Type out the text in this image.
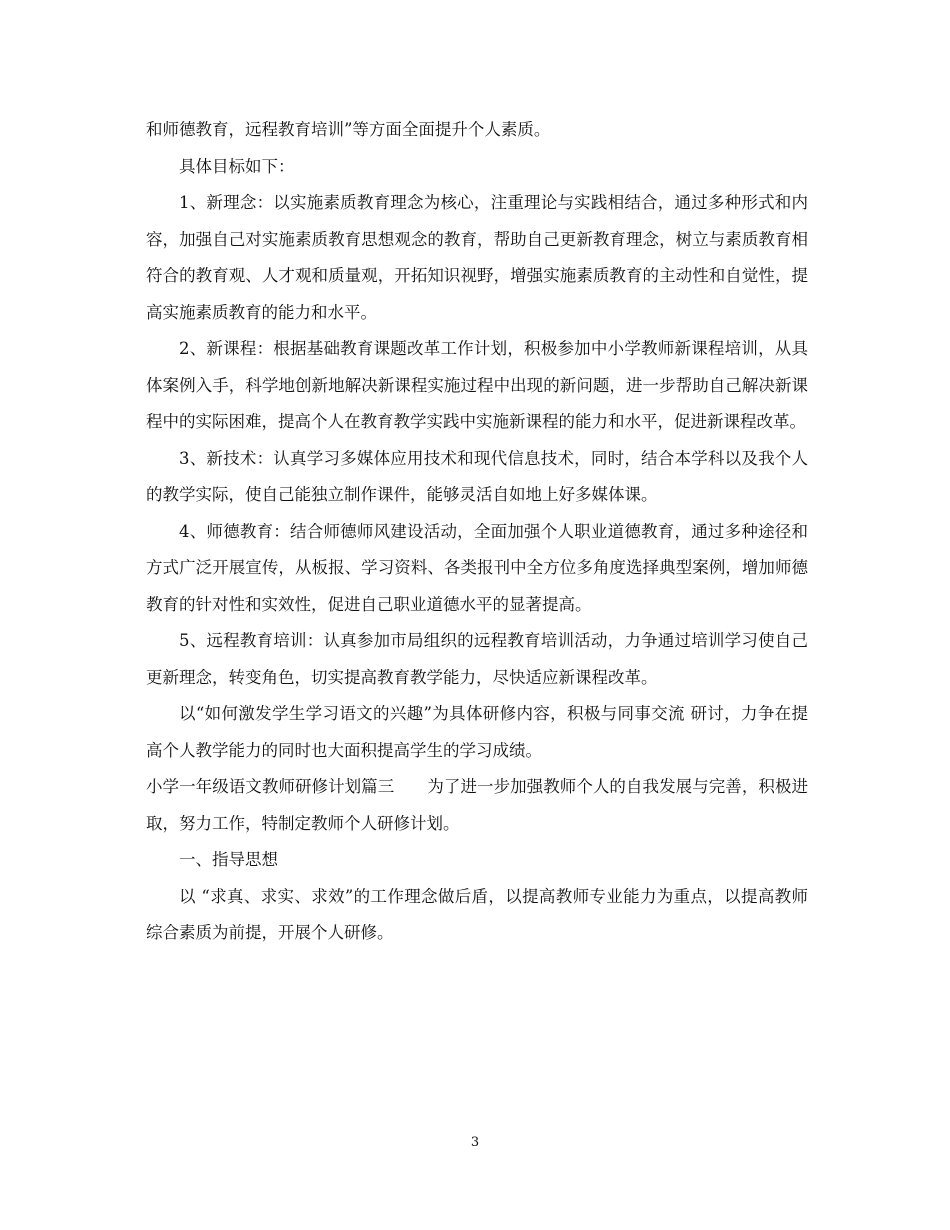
和师德教育，远程教育培训”等方面全面提升个人素质。

具体目标如下：

1、新理念：以实施素质教育理念为核心，注重理论与实践相结合，通过多种形式和内容，加强自己对实施素质教育思想观念的教育，帮助自己更新教育理念，树立与素质教育相符合的教育观、人才观和质量观，开拓知识视野，增强实施素质教育的主动性和自觉性，提高实施素质教育的能力和水平。

2、新课程：根据基础教育课题改革工作计划，积极参加中小学教师新课程培训，从具体案例入手，科学地创新地解决新课程实施过程中出现的新问题，进一步帮助自己解决新课程中的实际困难，提高个人在教育教学实践中实施新课程的能力和水平，促进新课程改革。

3、新技术：认真学习多媒体应用技术和现代信息技术，同时，结合本学科以及我个人的教学实际，使自己能独立制作课件，能够灵活自如地上好多媒体课。

4、师德教育：结合师德师风建设活动，全面加强个人职业道德教育，通过多种途径和方式广泛开展宣传，从板报、学习资料、各类报刊中全方位多角度选择典型案例，增加师德教育的针对性和实效性，促进自己职业道德水平的显著提高。

5、远程教育培训：认真参加市局组织的远程教育培训活动，力争通过培训学习使自己更新理念，转变角色，切实提高教育教学能力，尽快适应新课程改革。

以“如何激发学生学习语文的兴趣”为具体研修内容，积极与同事交流 研讨，力争在提高个人教学能力的同时也大面积提高学生的学习成绩。

小学一年级语文教师研修计划篇三　　为了进一步加强教师个人的自我发展与完善，积极进取，努力工作，特制定教师个人研修计划。

一、指导思想

以 “求真、求实、求效”的工作理念做后盾，以提高教师专业能力为重点，以提高教师综合素质为前提，开展个人研修。

3
